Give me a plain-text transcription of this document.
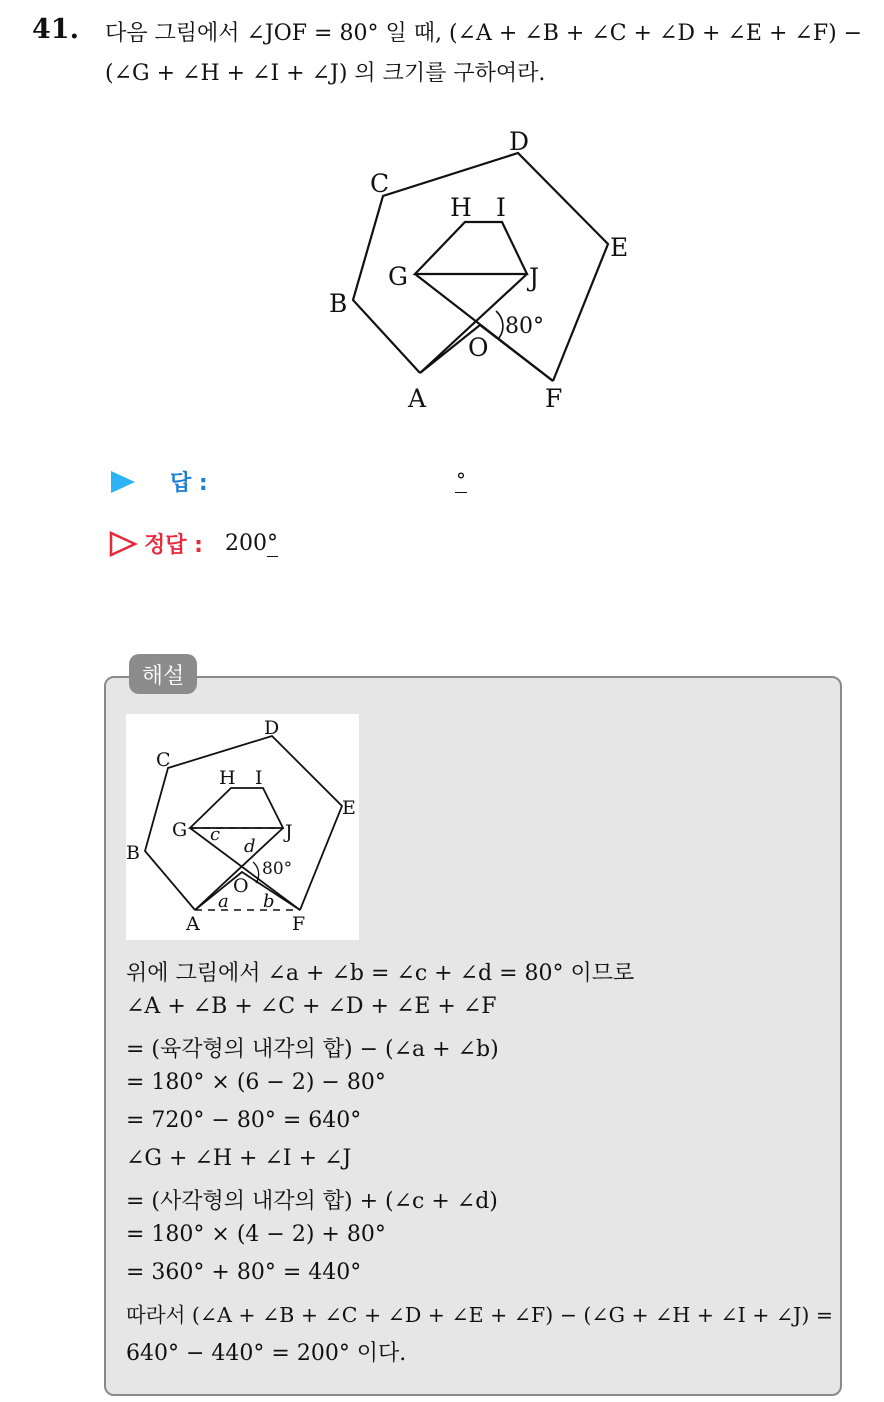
41. 다음 그림에서 ∠JOF = 80° 일 때, (∠A + ∠B + ∠C + ∠D + ∠E + ∠F) −
(∠G + ∠H + ∠I + ∠J) 의 크기를 구하여라.
A
B
C
D
E
F
G
H I
J
O
80°
답 :	°
정답 : 200°
해설
A
B
C
D
E
F
G
H I
J
O
a b
c
d
80°
위에 그림에서 ∠a + ∠b = ∠c + ∠d = 80° 이므로
∠A + ∠B + ∠C + ∠D + ∠E + ∠F
= (육각형의 내각의 합) − (∠a + ∠b)
= 180° × (6 − 2) − 80°
= 720° − 80° = 640°
∠G + ∠H + ∠I + ∠J
= (사각형의 내각의 합) + (∠c + ∠d)
= 180° × (4 − 2) + 80°
= 360° + 80° = 440°
따라서 (∠A + ∠B + ∠C + ∠D + ∠E + ∠F) − (∠G + ∠H + ∠I + ∠J) =
640° − 440° = 200° 이다.
